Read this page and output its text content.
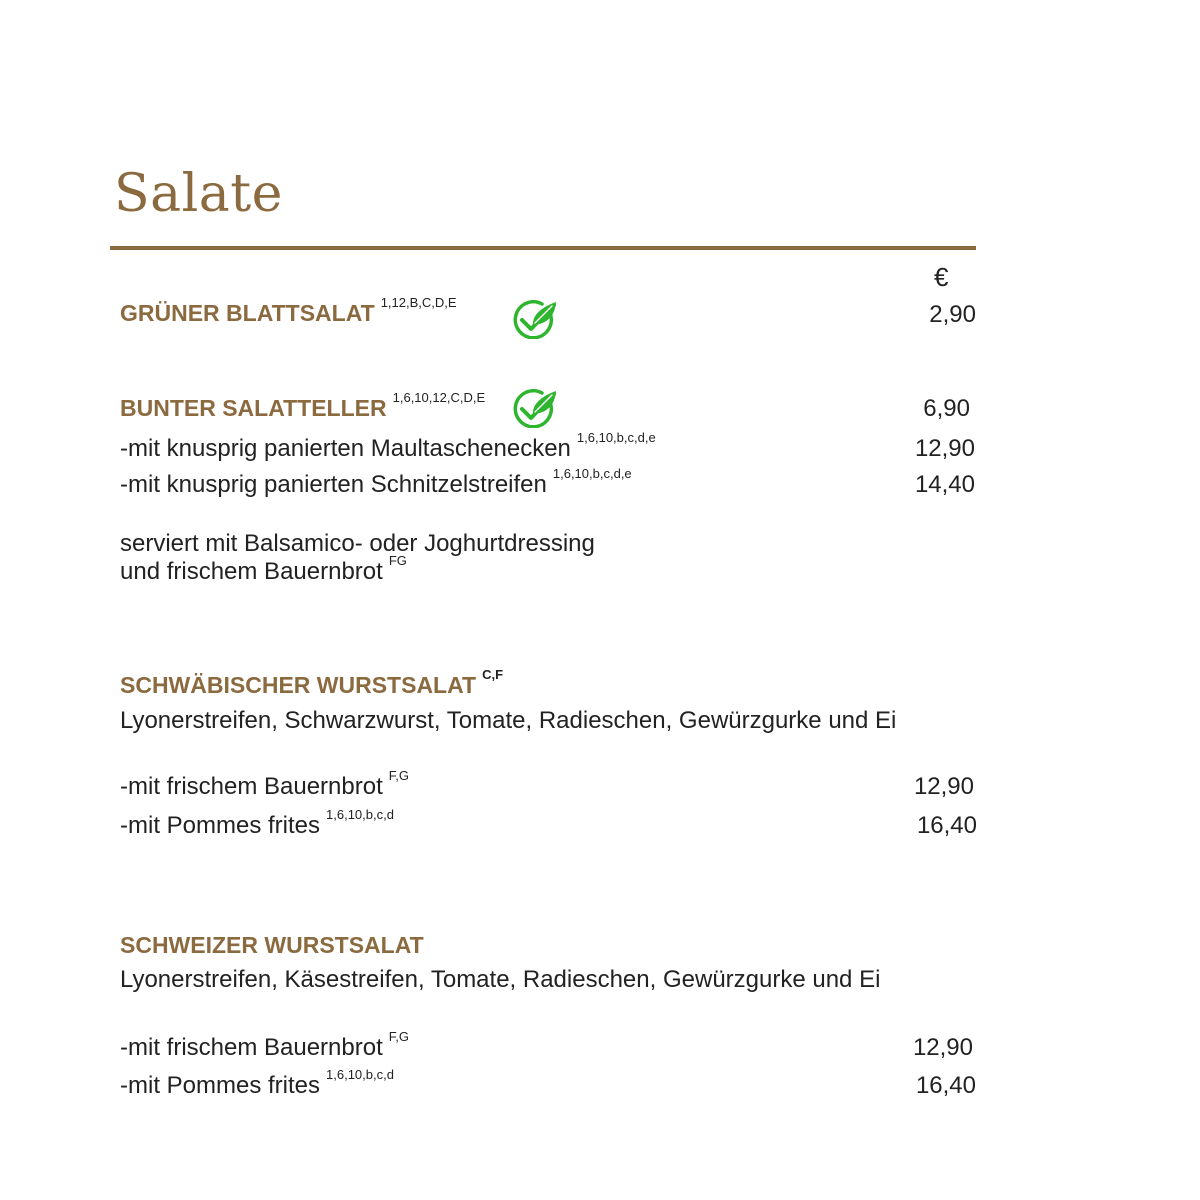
Salate
€
GRÜNER BLATTSALAT $^{1,12,B,C,D,E}$	2,90
BUNTER SALATTELLER $^{1,6,10,12,C,D,E}$	6,90
-mit knusprig panierten Maultaschenecken $^{1,6,10,b,c,d,e}$	12,90
-mit knusprig panierten Schnitzelstreifen $^{1,6,10,b,c,d,e}$	14,40
serviert mit Balsamico- oder Joghurtdressing
und frischem Bauernbrot $^{FG}$
SCHWÄBISCHER WURSTSALAT $^{C,F}$
Lyonerstreifen, Schwarzwurst, Tomate, Radieschen, Gewürzgurke und Ei
-mit frischem Bauernbrot $^{F,G}$	12,90
-mit Pommes frites $^{1,6,10,b,c,d}$	16,40
SCHWEIZER WURSTSALAT
Lyonerstreifen, Käsestreifen, Tomate, Radieschen, Gewürzgurke und Ei
-mit frischem Bauernbrot $^{F,G}$	12,90
-mit Pommes frites $^{1,6,10,b,c,d}$	16,40
